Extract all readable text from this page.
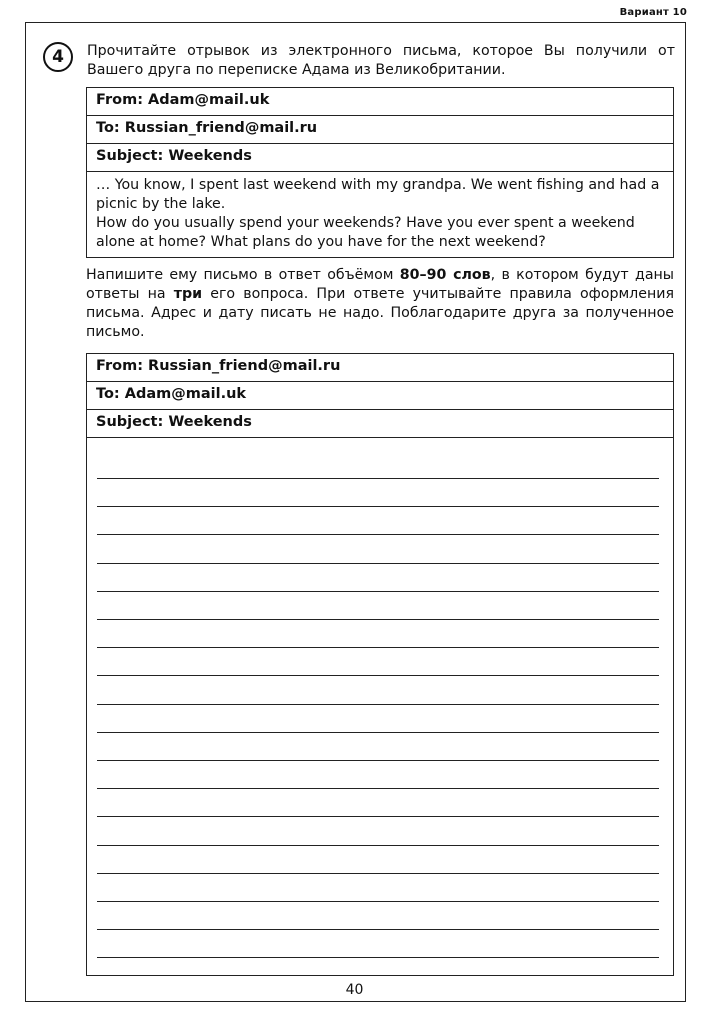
Вариант 10
4	Прочитайте отрывок из электронного письма, которое Вы получили от Вашего друга по переписке Адама из Великобритании.

From: Adam@mail.uk
To: Russian_friend@mail.ru
Subject: Weekends

… You know, I spent last weekend with my grandpa. We went fishing and had a picnic by the lake.

How do you usually spend your weekends? Have you ever spent a weekend alone at home? What plans do you have for the next weekend?

Напишите ему письмо в ответ объёмом 80–90 слов, в котором будут даны ответы на три его вопроса. При ответе учитывайте правила оформления письма. Адрес и дату писать не надо. Поблагодарите друга за полученное письмо.

From: Russian_friend@mail.ru
To: Adam@mail.uk
Subject: Weekends
40
